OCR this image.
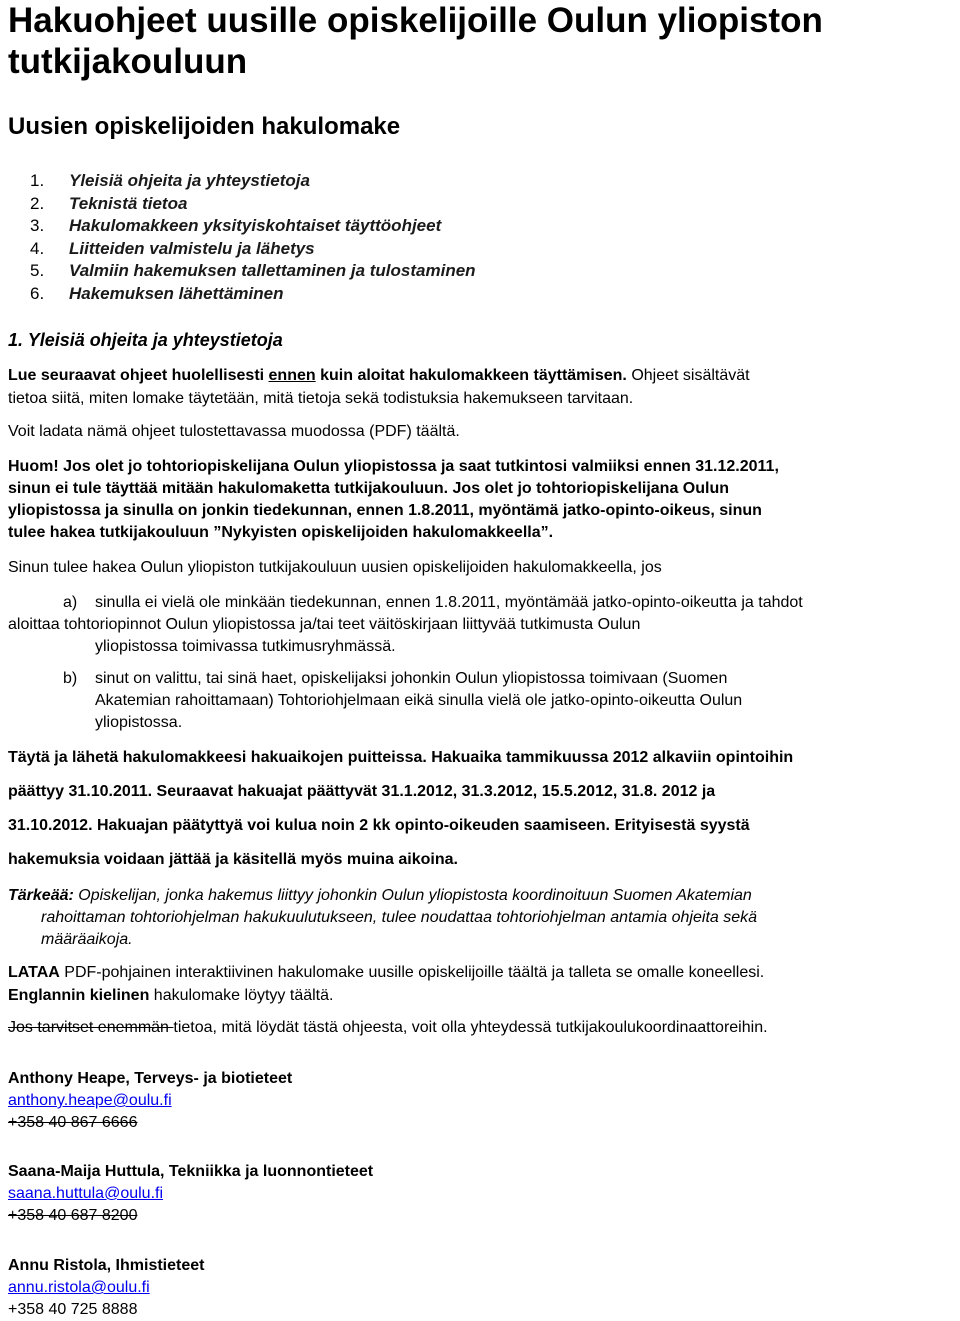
Hakuohjeet uusille opiskelijoille Oulun yliopiston
tutkijakouluun
Uusien opiskelijoiden hakulomake
1. Yleisiä ohjeita ja yhteystietoja
2. Teknistä tietoa
3. Hakulomakkeen yksityiskohtaiset täyttöohjeet
4. Liitteiden valmistelu ja lähetys
5. Valmiin hakemuksen tallettaminen ja tulostaminen
6. Hakemuksen lähettäminen
1. Yleisiä ohjeita ja yhteystietoja

Lue seuraavat ohjeet huolellisesti ennen kuin aloitat hakulomakkeen täyttämisen. Ohjeet sisältävät

tietoa siitä, miten lomake täytetään, mitä tietoja sekä todistuksia hakemukseen tarvitaan.

Voit ladata nämä ohjeet tulostettavassa muodossa (PDF) täältä.

Huom! Jos olet jo tohtoriopiskelijana Oulun yliopistossa ja saat tutkintosi valmiiksi ennen 31.12.2011,

sinun ei tule täyttää mitään hakulomaketta tutkijakouluun. Jos olet jo tohtoriopiskelijana Oulun

yliopistossa ja sinulla on jonkin tiedekunnan, ennen 1.8.2011, myöntämä jatko-opinto-oikeus, sinun

tulee hakea tutkijakouluun ”Nykyisten opiskelijoiden hakulomakkeella”.

Sinun tulee hakea Oulun yliopiston tutkijakouluun uusien opiskelijoiden hakulomakkeella, jos

a) sinulla ei vielä ole minkään tiedekunnan, ennen 1.8.2011, myöntämää jatko-opinto-oikeutta ja tahdot
aloittaa tohtoriopinnot Oulun yliopistossa ja/tai teet väitöskirjaan liittyvää tutkimusta Oulun
yliopistossa toimivassa tutkimusryhmässä.
b) sinut on valittu, tai sinä haet, opiskelijaksi johonkin Oulun yliopistossa toimivaan (Suomen
Akatemian rahoittamaan) Tohtoriohjelmaan eikä sinulla vielä ole jatko-opinto-oikeutta Oulun
yliopistossa.

Täytä ja lähetä hakulomakkeesi hakuaikojen puitteissa. Hakuaika tammikuussa 2012 alkaviin opintoihin

päättyy 31.10.2011. Seuraavat hakuajat päättyvät 31.1.2012, 31.3.2012, 15.5.2012, 31.8. 2012 ja

31.10.2012. Hakuajan päätyttyä voi kulua noin 2 kk opinto-oikeuden saamiseen. Erityisestä syystä

hakemuksia voidaan jättää ja käsitellä myös muina aikoina.

Tärkeää: Opiskelijan, jonka hakemus liittyy johonkin Oulun yliopistosta koordinoituun Suomen Akatemian

rahoittaman tohtoriohjelman hakukuulutukseen, tulee noudattaa tohtoriohjelman antamia ohjeita sekä

määräaikoja.

LATAA PDF-pohjainen interaktiivinen hakulomake uusille opiskelijoille täältä ja talleta se omalle koneellesi.

Englannin kielinen hakulomake löytyy täältä.

Jos tarvitset enemmän tietoa, mitä löydät tästä ohjeesta, voit olla yhteydessä tutkijakoulukoordinaattoreihin.

Anthony Heape, Terveys- ja biotieteet

anthony.heape@oulu.fi

+358 40 867 6666

Saana-Maija Huttula, Tekniikka ja luonnontieteet

saana.huttula@oulu.fi

+358 40 687 8200

Annu Ristola, Ihmistieteet

annu.ristola@oulu.fi

+358 40 725 8888
